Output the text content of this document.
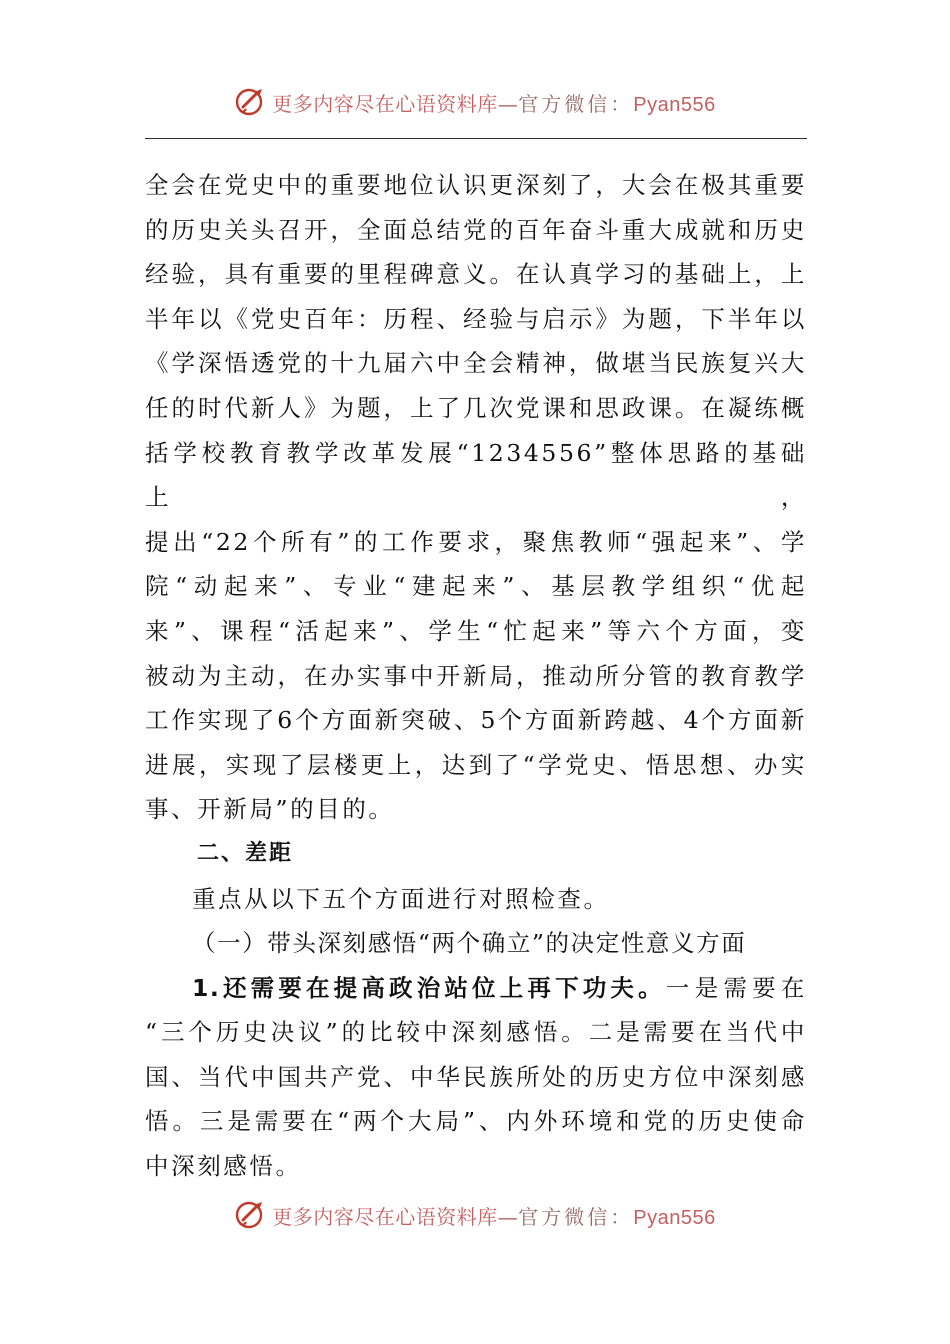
更多内容尽在心语资料库—官方微信：Pyan556

全会在党史中的重要地位认识更深刻了，大会在极其重要

的历史关头召开，全面总结党的百年奋斗重大成就和历史

经验，具有重要的里程碑意义。在认真学习的基础上，上

半年以《党史百年：历程、经验与启示》为题，下半年以

《学深悟透党的十九届六中全会精神，做堪当民族复兴大

任的时代新人》为题，上了几次党课和思政课。在凝练概

括学校教育教学改革发展“1234556”整体思路的基础上，

提出“22个所有”的工作要求，聚焦教师“强起来”、学

院“动起来”、专业“建起来”、基层教学组织“优起

来”、课程“活起来”、学生“忙起来”等六个方面，变

被动为主动，在办实事中开新局，推动所分管的教育教学

工作实现了6个方面新突破、5个方面新跨越、4个方面新

进展，实现了层楼更上，达到了“学党史、悟思想、办实

事、开新局”的目的。

二、差距

重点从以下五个方面进行对照检查。

（一）带头深刻感悟“两个确立”的决定性意义方面

1.还需要在提高政治站位上再下功夫。一是需要在

“三个历史决议”的比较中深刻感悟。二是需要在当代中

国、当代中国共产党、中华民族所处的历史方位中深刻感

悟。三是需要在“两个大局”、内外环境和党的历史使命

中深刻感悟。

更多内容尽在心语资料库—官方微信：Pyan556
